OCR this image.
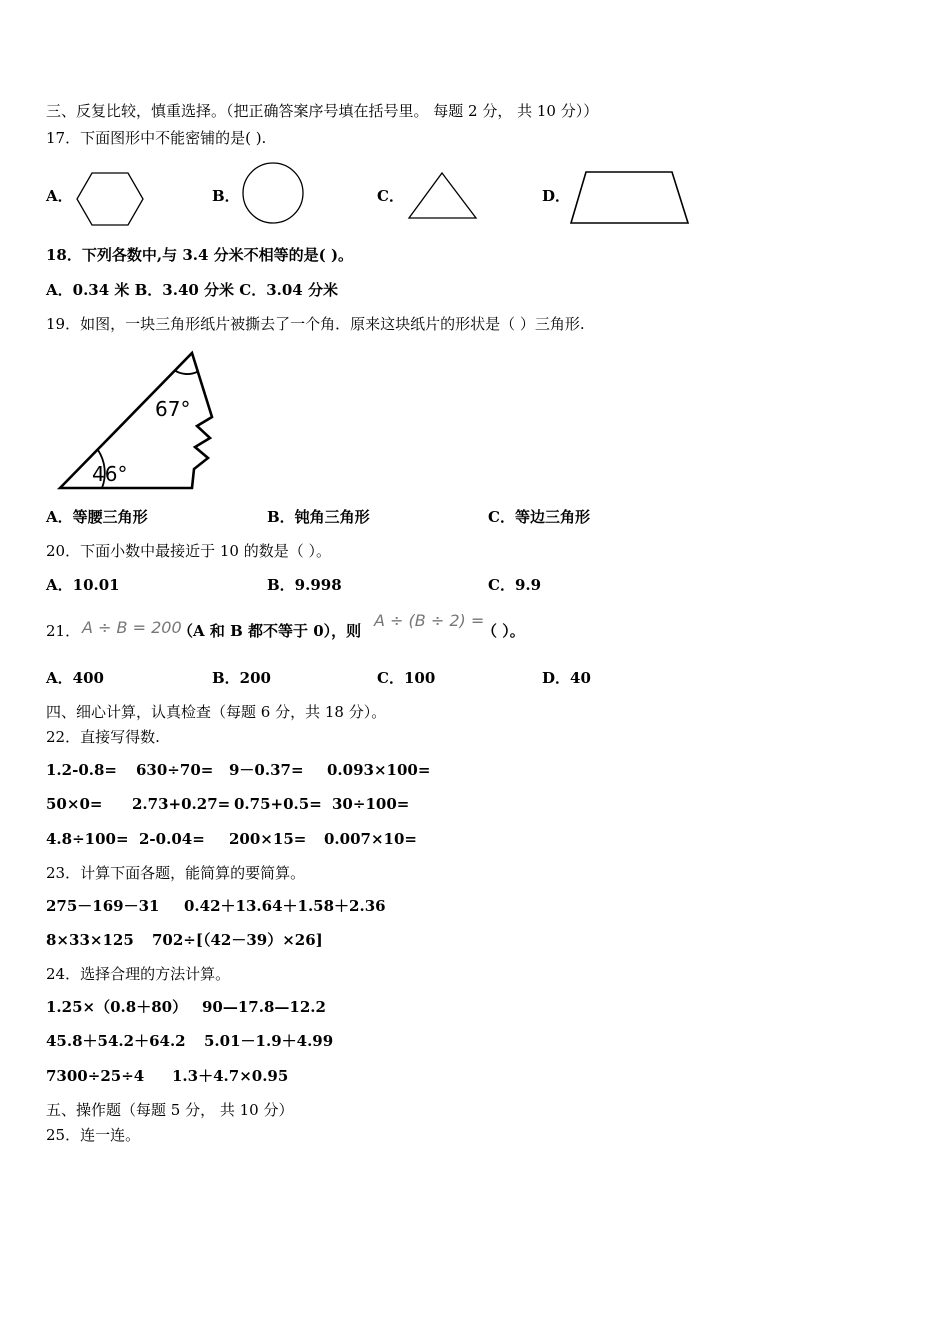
三、反复比较，慎重选择。（把正确答案序号填在括号里。 每题 2 分， 共 10 分））
17．下面图形中不能密铺的是( ).
A．	B．	C．	D．
18．下列各数中,与 3.4 分米不相等的是( )。
A．0.34 米 B．3.40 分米 C．3.04 分米
19．如图，一块三角形纸片被撕去了一个角．原来这块纸片的形状是（ ）三角形.
67°
46°
A．等腰三角形	B．钝角三角形	C．等边三角形
20．下面小数中最接近于 10 的数是（ ）。
A．10.01	B．9.998	C．9.9
21． A ÷ B = 200
（A 和 B 都不等于 0），则
A ÷ (B ÷ 2) =
（ ）。
A．400	B．200	C．100	D．40
四、细心计算，认真检查（每题 6 分，共 18 分）。
22．直接写得数.
1.2-0.8= 630÷70= 9－0.37= 0.093×100=
50×0= 2.73+0.27= 0.75+0.5= 30÷100=
4.8÷100= 2-0.04= 200×15= 0.007×10=
23．计算下面各题，能简算的要简算。
275－169－31 0.42＋13.64＋1.58＋2.36
8×33×125 702÷[（42－39）×26]
24．选择合理的方法计算。
1.25×（0.8＋80） 90—17.8—12.2
45.8＋54.2＋64.2 5.01－1.9＋4.99
7300÷25÷4 1.3＋4.7×0.95
五、操作题（每题 5 分， 共 10 分）
25．连一连。
